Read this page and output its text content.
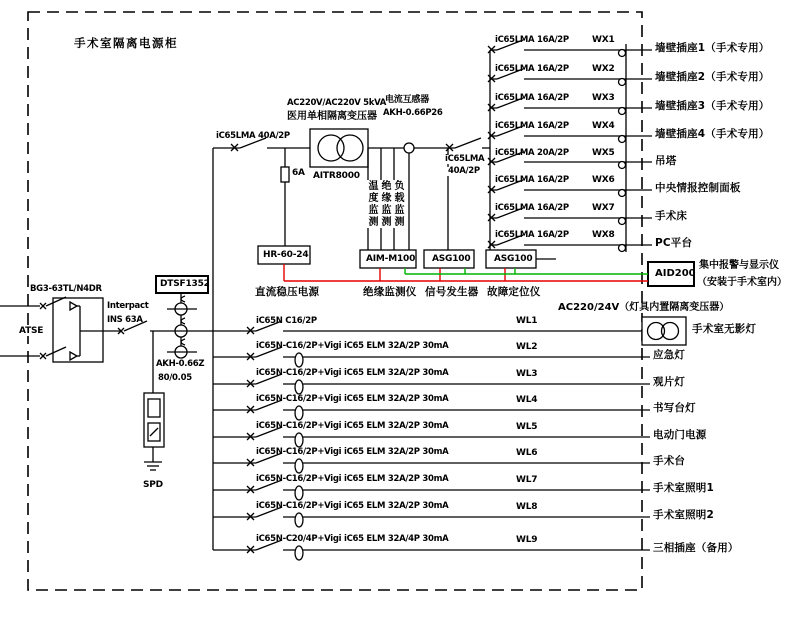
手术室隔离电源柜
BG3-63TL/N4DR
ATSE
Interpact
INS 63A
DTSF1352
AKH-0.66Z
80/0.05
SPD
iC65LMA 40A/2P
AC220V/AC220V 5kVA
医用单相隔离变压器
AITR8000
6A
电流互感器
AKH-0.66P26
iC65LMA
40A/2P
温度监测 绝缘监测 负载监测
HR-60-24	AIM-M100 ASG100	ASG100
直流稳压电源	绝缘监测仪 信号发生器 故障定位仪
AID200
集中报警与显示仪
（安装于手术室内）
iC65LMA 16A/2P	WX1
墙壁插座1（手术专用）
iC65LMA 16A/2P	WX2
墙壁插座2（手术专用）
iC65LMA 16A/2P	WX3
墙壁插座3（手术专用）
iC65LMA 16A/2P	WX4
墙壁插座4（手术专用）
iC65LMA 20A/2P	WX5
吊塔
iC65LMA 16A/2P	WX6
中央情报控制面板
iC65LMA 16A/2P	WX7
手术床
iC65LMA 16A/2P	WX8
PC平台
AC220/24V（灯具内置隔离变压器）
iC65N C16/2P	WL1
手术室无影灯
iC65N-C16/2P+Vigi iC65 ELM 32A/2P 30mA	WL2
应急灯
iC65N-C16/2P+Vigi iC65 ELM 32A/2P 30mA	WL3
观片灯
iC65N-C16/2P+Vigi iC65 ELM 32A/2P 30mA	WL4
书写台灯
iC65N-C16/2P+Vigi iC65 ELM 32A/2P 30mA	WL5
电动门电源
iC65N-C16/2P+Vigi iC65 ELM 32A/2P 30mA	WL6
手术台
iC65N-C16/2P+Vigi iC65 ELM 32A/2P 30mA	WL7
手术室照明1
iC65N-C16/2P+Vigi iC65 ELM 32A/2P 30mA	WL8
手术室照明2
iC65N-C20/4P+Vigi iC65 ELM 32A/4P 30mA	WL9
三相插座（备用）
